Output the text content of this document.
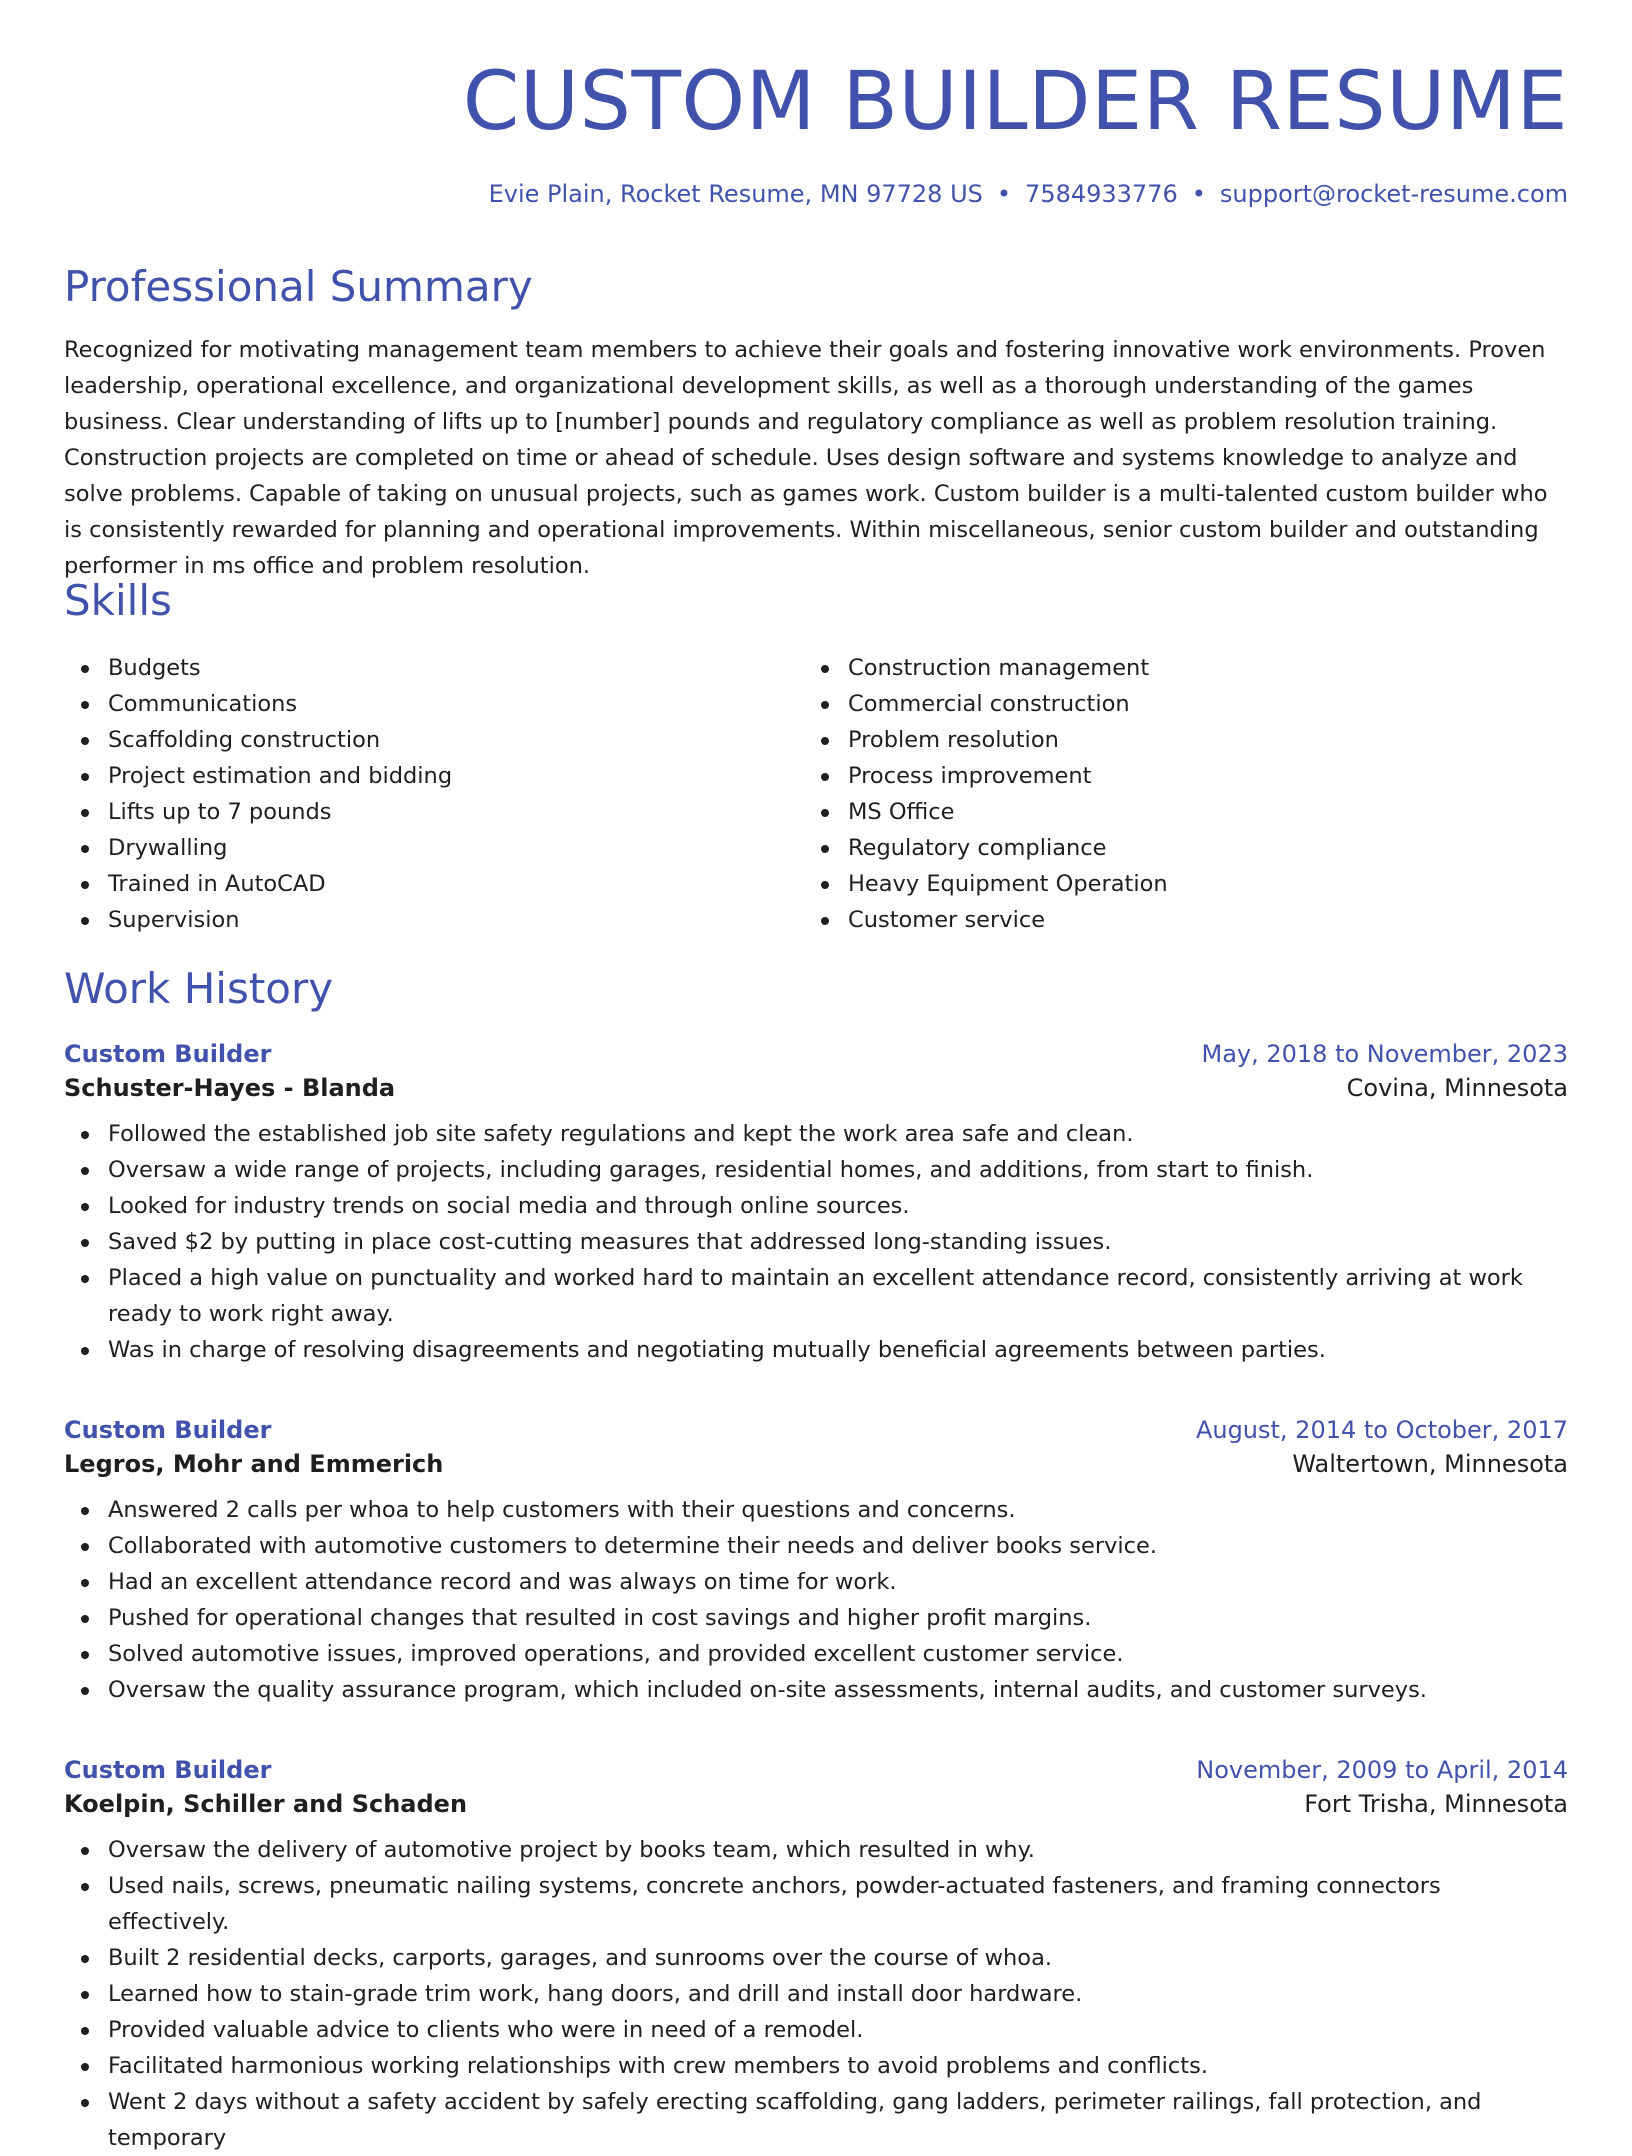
CUSTOM BUILDER RESUME
Evie Plain, Rocket Resume, MN 97728 US • 7584933776 • support@rocket-resume.com
Professional Summary

Recognized for motivating management team members to achieve their goals and fostering innovative work environments. Proven leadership, operational excellence, and organizational development skills, as well as a thorough understanding of the games business. Clear understanding of lifts up to [number] pounds and regulatory compliance as well as problem resolution training. Construction projects are completed on time or ahead of schedule. Uses design software and systems knowledge to analyze and solve problems. Capable of taking on unusual projects, such as games work. Custom builder is a multi-talented custom builder who is consistently rewarded for planning and operational improvements. Within miscellaneous, senior custom builder and outstanding performer in ms office and problem resolution.

Skills
Budgets
Communications
Scaffolding construction
Project estimation and bidding
Lifts up to 7 pounds
Drywalling
Trained in AutoCAD
Supervision
Construction management
Commercial construction
Problem resolution
Process improvement
MS Office
Regulatory compliance
Heavy Equipment Operation
Customer service
Work History
Custom Builder	May, 2018 to November, 2023
Schuster-Hayes - Blanda	Covina, Minnesota
Followed the established job site safety regulations and kept the work area safe and clean.
Oversaw a wide range of projects, including garages, residential homes, and additions, from start to finish.
Looked for industry trends on social media and through online sources.
Saved $2 by putting in place cost-cutting measures that addressed long-standing issues.
Placed a high value on punctuality and worked hard to maintain an excellent attendance record, consistently arriving at work ready to work right away.
Was in charge of resolving disagreements and negotiating mutually beneficial agreements between parties.
Custom Builder	August, 2014 to October, 2017
Legros, Mohr and Emmerich	Waltertown, Minnesota
Answered 2 calls per whoa to help customers with their questions and concerns.
Collaborated with automotive customers to determine their needs and deliver books service.
Had an excellent attendance record and was always on time for work.
Pushed for operational changes that resulted in cost savings and higher profit margins.
Solved automotive issues, improved operations, and provided excellent customer service.
Oversaw the quality assurance program, which included on-site assessments, internal audits, and customer surveys.
Custom Builder	November, 2009 to April, 2014
Koelpin, Schiller and Schaden	Fort Trisha, Minnesota
Oversaw the delivery of automotive project by books team, which resulted in why.
Used nails, screws, pneumatic nailing systems, concrete anchors, powder-actuated fasteners, and framing connectors effectively.
Built 2 residential decks, carports, garages, and sunrooms over the course of whoa.
Learned how to stain-grade trim work, hang doors, and drill and install door hardware.
Provided valuable advice to clients who were in need of a remodel.
Facilitated harmonious working relationships with crew members to avoid problems and conflicts.
Went 2 days without a safety accident by safely erecting scaffolding, gang ladders, perimeter railings, fall protection, and temporary
